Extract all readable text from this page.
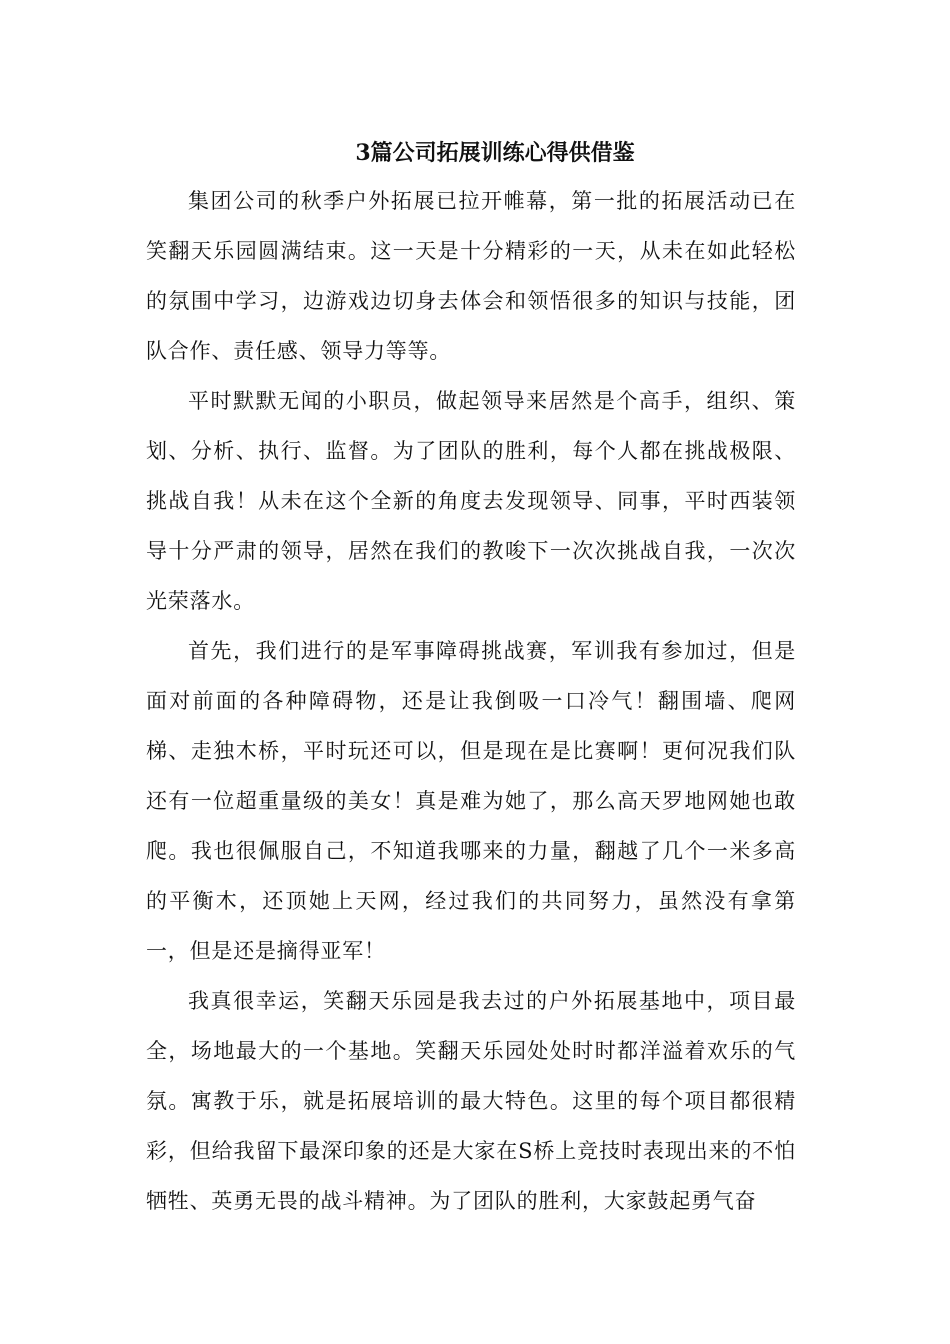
3篇公司拓展训练心得供借鉴

集团公司的秋季户外拓展已拉开帷幕，第一批的拓展活动已在笑翻天乐园圆满结束。这一天是十分精彩的一天，从未在如此轻松的氛围中学习，边游戏边切身去体会和领悟很多的知识与技能，团队合作、责任感、领导力等等。

平时默默无闻的小职员，做起领导来居然是个高手，组织、策划、分析、执行、监督。为了团队的胜利，每个人都在挑战极限、挑战自我！从未在这个全新的角度去发现领导、同事，平时西装领导十分严肃的领导，居然在我们的教唆下一次次挑战自我，一次次光荣落水。

首先，我们进行的是军事障碍挑战赛，军训我有参加过，但是面对前面的各种障碍物，还是让我倒吸一口冷气！翻围墙、爬网梯、走独木桥，平时玩还可以，但是现在是比赛啊！更何况我们队还有一位超重量级的美女！真是难为她了，那么高天罗地网她也敢爬。我也很佩服自己，不知道我哪来的力量，翻越了几个一米多高的平衡木，还顶她上天网，经过我们的共同努力，虽然没有拿第一，但是还是摘得亚军！

我真很幸运，笑翻天乐园是我去过的户外拓展基地中，项目最全，场地最大的一个基地。笑翻天乐园处处时时都洋溢着欢乐的气氛。寓教于乐，就是拓展培训的最大特色。这里的每个项目都很精彩，但给我留下最深印象的还是大家在S桥上竞技时表现出来的不怕牺牲、英勇无畏的战斗精神。为了团队的胜利，大家鼓起勇气奋
